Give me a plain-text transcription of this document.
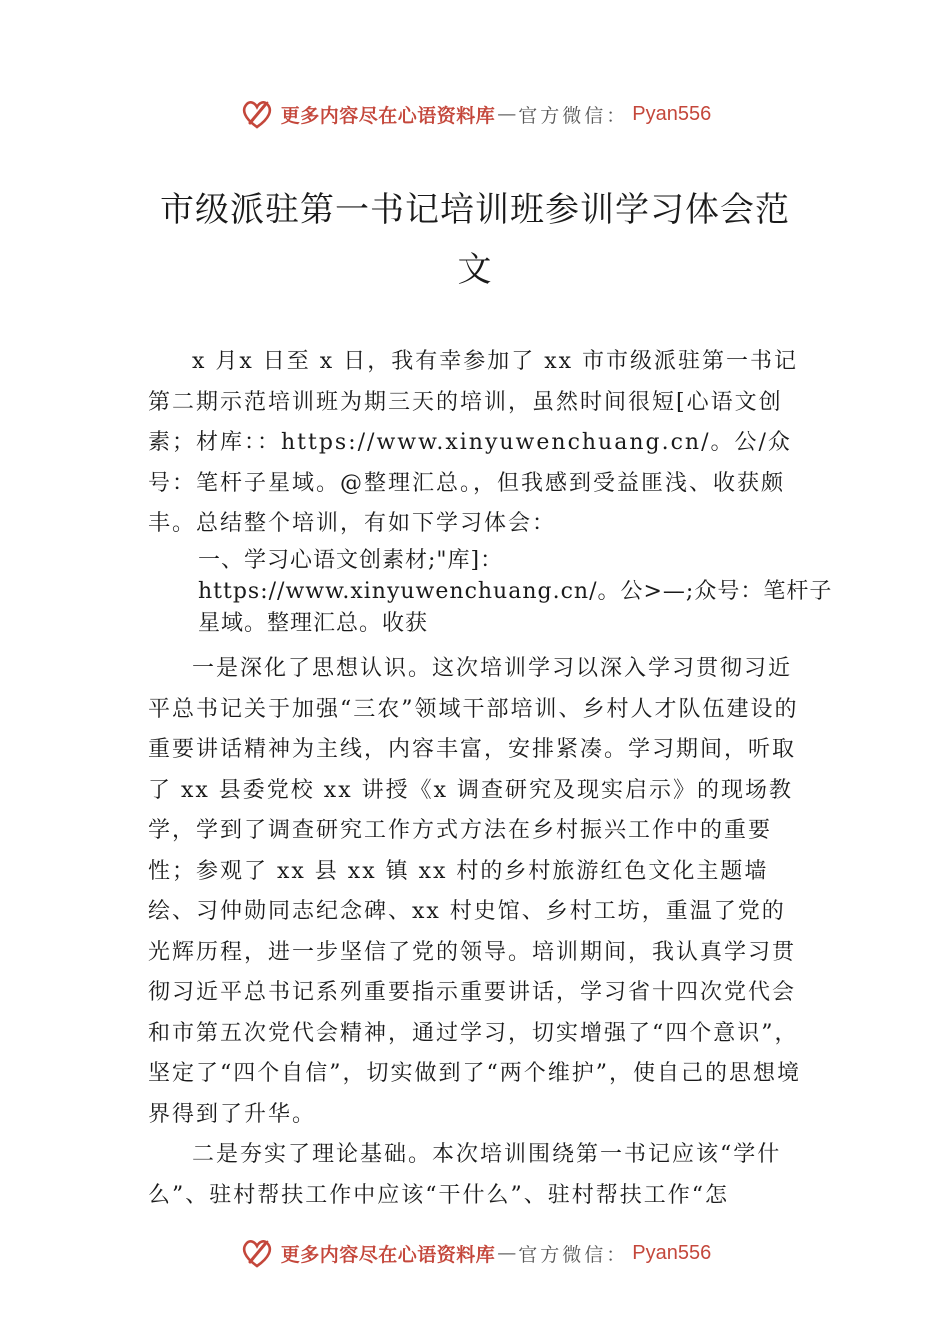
更多内容尽在心语资料库 — 官方微信： Pyan556
市级派驻第一书记培训班参训学习体会范文

x 月x 日至 x 日，我有幸参加了 xx 市市级派驻第一书记第二期示范培训班为期三天的培训，虽然时间很短[心语文创素；材库：：https://www.xinyuwenchuang.cn/。公/众号：笔杆子星域。@整理汇总。，但我感到受益匪浅、收获颇丰。总结整个培训，有如下学习体会：

一、学习心语文创素材;"库]：https://www.xinyuwenchuang.cn/。公>—;众号：笔杆子星域。整理汇总。收获

一是深化了思想认识。这次培训学习以深入学习贯彻习近平总书记关于加强“三农”领域干部培训、乡村人才队伍建设的重要讲话精神为主线，内容丰富，安排紧凑。学习期间，听取了 xx 县委党校 xx 讲授《x 调查研究及现实启示》的现场教学，学到了调查研究工作方式方法在乡村振兴工作中的重要性；参观了 xx 县 xx 镇 xx 村的乡村旅游红色文化主题墙绘、习仲勋同志纪念碑、xx 村史馆、乡村工坊，重温了党的光辉历程，进一步坚信了党的领导。培训期间，我认真学习贯彻习近平总书记系列重要指示重要讲话，学习省十四次党代会和市第五次党代会精神，通过学习，切实增强了“四个意识”，坚定了“四个自信”，切实做到了“两个维护”，使自己的思想境界得到了升华。

二是夯实了理论基础。本次培训围绕第一书记应该“学什么”、驻村帮扶工作中应该“干什么”、驻村帮扶工作“怎

更多内容尽在心语资料库 — 官方微信： Pyan556
